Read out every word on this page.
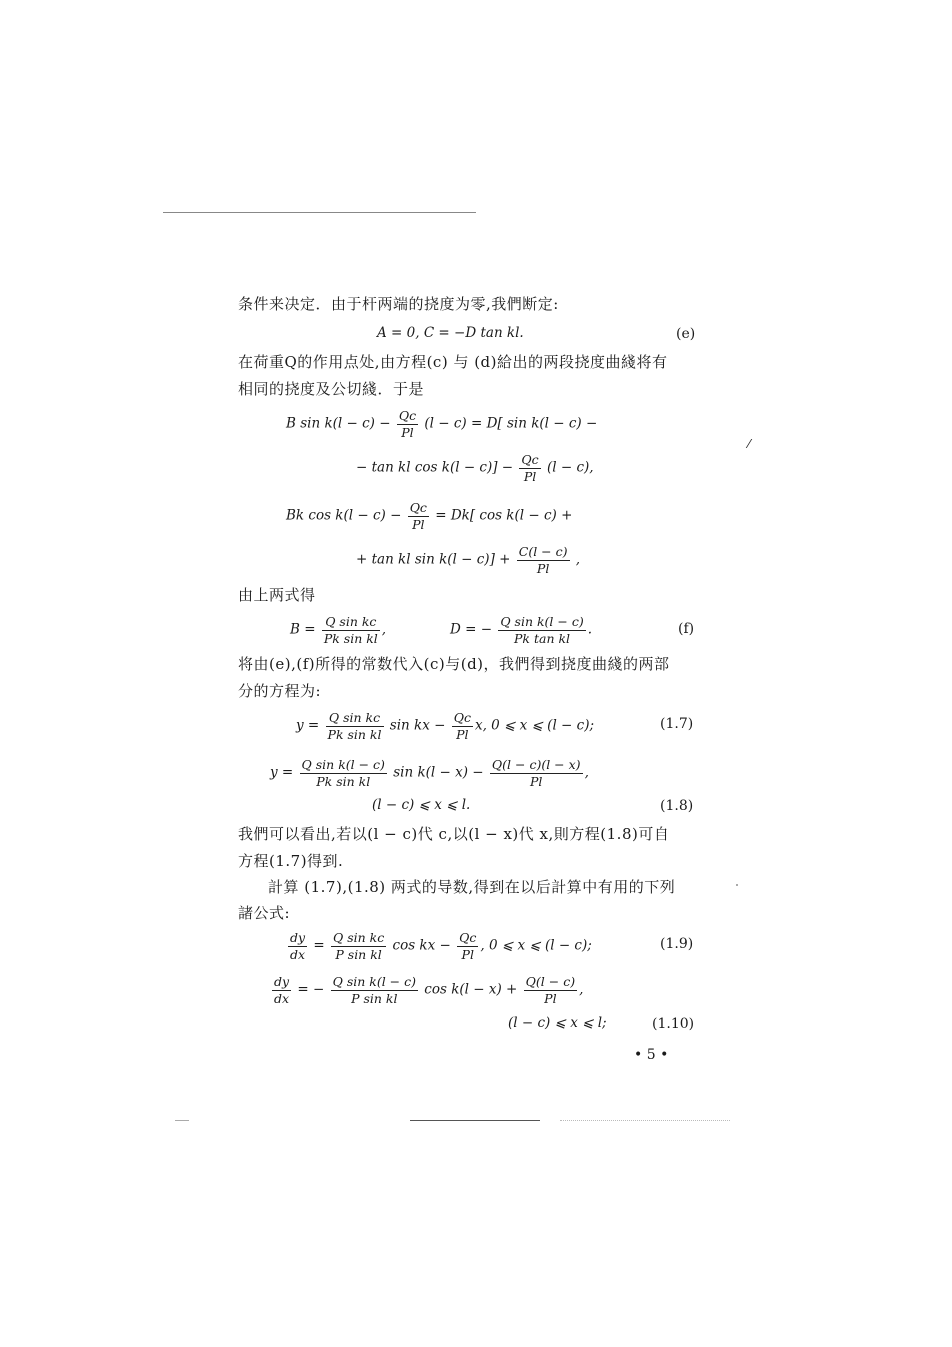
条件来决定．由于杆两端的挠度为零,我們断定:
A = 0, C = −D tan kl.	(e)
在荷重Q的作用点处,由方程(c) 与 (d)給出的两段挠度曲綫将有
相同的挠度及公切綫．于是
B $\sin k(l - c) - \frac{Qc}{Pl} (l - c) = D$[ sin k(l − c) −
⁄
− tan kl $\cos k(l - c)] - \frac{Qc}{Pl} (l - c)$,
Bk $\cos k(l - c) - \frac{Qc}{Pl} = Dk$[ cos k(l − c) +
+ tan kl $\sin k(l - c)] + \frac{C(l - c)}{Pl}$ ,
由上两式得
$B = \frac{\text{Q sin kc}}{\text{Pk sin kl}}$ ,	D = − $\frac{\text{Q sin k(l − c)}}{\text{Pk tan kl}}$ .	(f)
将由(e),(f)所得的常数代入(c)与(d)，我們得到挠度曲綫的两部
分的方程为:
$y = \frac{\text{Q sin kc}}{\text{Pk sin kl}}$ sin kx − $\frac{Qc}{Pl} x$, 0 ⩽ x ⩽ (l − c);	(1.7)
$y = \frac{\text{Q sin k(l − c)}}{\text{Pk sin kl}}$ $\sin k(l - x) - \frac{Q(l - c)(l - x)}{Pl}$ ,
(l − c) ⩽ x ⩽ l.	(1.8)
我們可以看出,若以(l − c)代 c,以(l − x)代 x,則方程(1.8)可自
方程(1.7)得到.
計算 (1.7),(1.8) 两式的导数,得到在以后計算中有用的下列
諸公式:
$\frac{dy}{dx} = \frac{\text{Q sin kc}}{\text{P sin kl}}$ cos kx − $\frac{Qc}{Pl}$ , 0 ⩽ x ⩽ (l − c);	(1.9)
$\frac{dy}{dx}$ = − $\frac{\text{Q sin k(l − c)}}{\text{P sin kl}}$ $\cos k(l - x) + \frac{Q(l - c)}{Pl}$ ,
(l − c) ⩽ x ⩽ l;	(1.10)
• 5 •
